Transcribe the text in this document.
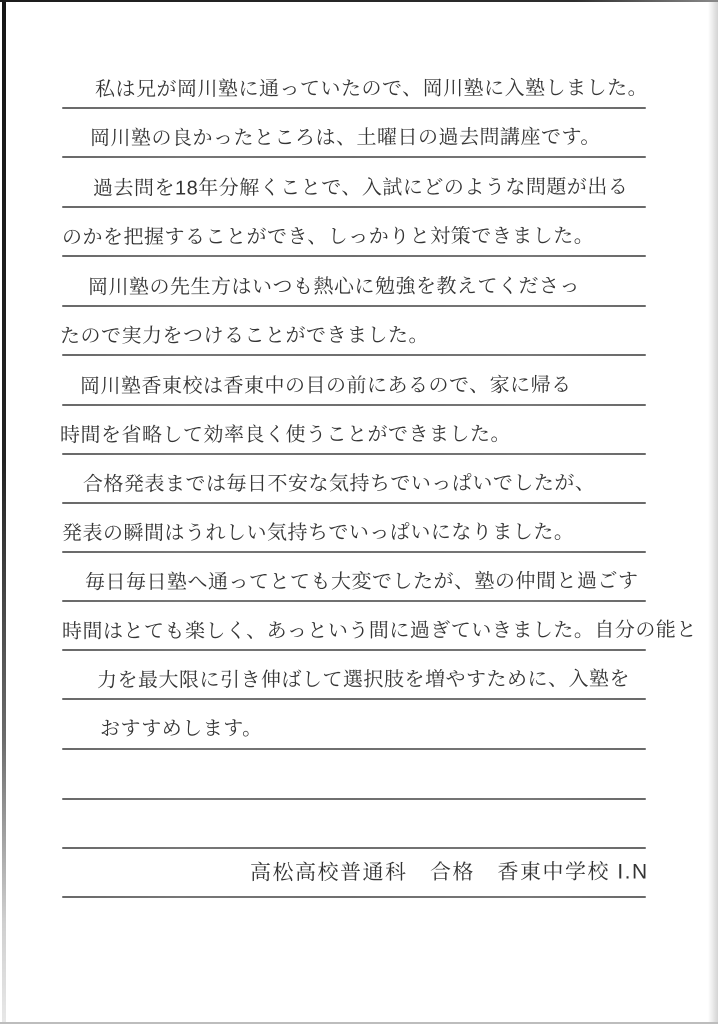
私は兄が岡川塾に通っていたので、岡川塾に入塾しました。
岡川塾の良かったところは、土曜日の過去問講座です。
過去問を18年分解くことで、入試にどのような問題が出る
のかを把握することができ、しっかりと対策できました。
岡川塾の先生方はいつも熱心に勉強を教えてくださっ
たので実力をつけることができました。
岡川塾香東校は香東中の目の前にあるので、家に帰る
時間を省略して効率良く使うことができました。
合格発表までは毎日不安な気持ちでいっぱいでしたが、
発表の瞬間はうれしい気持ちでいっぱいになりました。
毎日毎日塾へ通ってとても大変でしたが、塾の仲間と過ごす
時間はとても楽しく、あっという間に過ぎていきました。自分の能と
力を最大限に引き伸ばして選択肢を増やすために、入塾を
おすすめします。
高松高校普通科　合格　香東中学校 I.N
